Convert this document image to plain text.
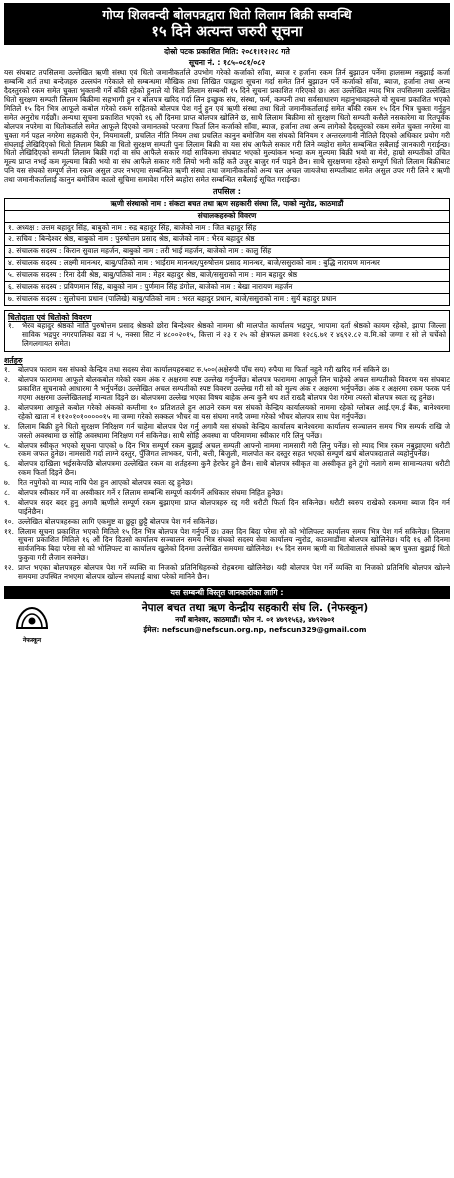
गोप्य शिलवन्दी बोलपत्रद्वारा धितो लिलाम बिक्री सम्वन्धि
१५ दिने अत्यन्त जरुरी सूचना
दोस्रो पटक प्रकाशित मिति: २०८१।१२।२८ गते
सूचना नं. : १८५–०८१/०८२
यस संघबाट तपसिलमा उल्लेखित ऋणी संस्था एवं धितो जमानीकर्ताले उपभोग गरेको कर्जाको साँवा, ब्याज र हर्जाना रकम तिर्न बुझाउन पर्नेमा हालसम्म नबुझाई कर्जा सम्बन्धि शर्त तथा बन्देजहरु उल्लघंन गरेकाले सो सम्बन्धमा मौखिक तथा लिखित पत्रद्वारा सूचना गर्दा समेत तिर्न बुझाउन पर्ने कर्जाको साँवा, ब्याज, हर्जाना तथा अन्य दैदस्तुरको रकम समेत चुक्ता भुक्तानी गर्ने बाँकी रहेको हुनाले यो धितो लिलाम सम्बन्धी १५ दिने सूचना प्रकाशित गरिएको छ। अतः उल्लेखित म्याद भित्र तपसिलमा उल्लेखित धितो सुरक्षण सम्पती लिलाम बिक्रीमा सहभागी हुन र बोलपत्र खरिद गर्दा लिन इच्छुक संघ, संस्था, फर्म, कम्पनी तथा सर्वसाधारण महानुभावहरुले यो सूचना प्रकाशित भएको मितिले १५ दिन भित्र आफूले कबोल गरेको रकम सहितको बोलपत्र पेश गर्नु हुन एवं ऋणी संस्था तथा धितो जमानीकर्तालाई समेत बाँकी रकम १५ दिन भित्र चुक्ता गर्नुहुन समेत अनुरोध गर्दछौं। अन्यथा सूचना प्रकाशित भएको १६ औं दिनमा प्राप्त बोलपत्र खोलिने छ, साथै लिलाम बिक्रीमा सो सुरक्षण धितो सम्पती कसैले नसकारेमा वा रितपूर्वक बोलपत्र नपरेमा वा धितोकर्ताले समेत आफूले दिएको जमानतको परजगा फिर्ता लिन कर्जाको साँवा, ब्याज, हर्जाना तथा अन्य लागेको दैदस्तुरको रकम समेत चुक्ता नगरेमा वा चुक्ता गर्न पहल नगरेमा सहकारी ऐन, नियमावली, प्रचलित नीति नियम तथा प्रचलित कानुन बमोजिम यस संघको विनियम र अन्तरलगानी नीतिले दिएको अधिकार प्रयोग गरी संघलाई लेखिदिएको धितो लिलाम बिक्री वा धितो सुरक्षण सम्पती पुनः लिलाम बिक्री वा यस संघ आफैले सकार गरी लिने व्यहोरा समेत सम्बन्धित सबैलाई जानकारी गराईन्छ। धितो लेखिदिएको सम्पती लिलाम बिक्री गर्दा वा संघ आफैले सकार गर्दा साविकमा संघबाट भएको मुल्यांकन भन्दा कम मुल्यमा बिक्री भयो वा मेरो, हाम्रो सम्पतीको उचित मूल्य प्राप्त नभई कम मूल्यमा बिक्री भयो वा संघ आफैले सकार गरी लियो भनी कहिं कतै उजुर बाजुर गर्न पाइने छैन। साथै सुरक्षणमा रहेको सम्पूर्ण धितो लिलाम बिक्रीबाट पनि यस संघको सम्पूर्ण लेना रकम असुल उपर नभएमा सम्बन्धित ऋणी संस्था तथा जमानीकर्ताको अन्य चल अचल जायजेथा सम्पतीबाट समेत असुल उपर गरी लिने र ऋणी तथा जमानीकर्तालाई कानुन बमोजिम कालो सूचिमा समावेश गरिने ब्यहोरा समेत सम्बन्धित सबैलाई सूचित गराईन्छ।
तपसिल :
ऋणी संस्थाको नाम : संकटा बचत तथा ऋण सहकारी संस्था लि, पाको न्युरोड, काठमाडौं
संचालकहरुको विवरण
१. अध्यक्ष : उत्तम बहादुर सिंह, बाबुको नाम : रुद्र बहादुर सिंह, बाजेको नाम : जित बहादुर सिंह
२. सचिव : बिन्देश्वर श्रेष्ठ, बाबुको नाम : पुरुषोत्तम प्रसाद श्रेष्ठ, बाजेको नाम : भैरव बहादुर श्रेष्ठ
३. संचालक सदस्य : किरान सुवाल महर्जन, बाबुको नाम : तरी भाई महर्जन, बाजेको नाम : कालु सिंह
४. संचालक सदस्य : लक्ष्मी मानन्धर, बाबु/पतिको नाम : भाईराम मानन्धर/पुरुषोत्तम प्रसाद मानन्धर, बाजे/ससुराको नाम : बुद्धि नारायण मानन्धर
५. संचालक सदस्य : रिना देवी श्रेष्ठ, बाबु/पतिको नाम : मेहर बहादुर श्रेष्ठ, बाजे/ससुराको नाम : मान बहादुर श्रेष्ठ
६. संचालक सदस्य : प्रविणमान सिंह, बाबुको नाम : पुर्णमान सिंह डंगोल, बाजेको नाम : बेखा नारायण महर्जन
७. संचालक सदस्य : सुलोचना प्रधान (पालिखे) बाबु/पतिको नाम : भरत बहादुर प्रधान, बाजे/ससुराको नाम : सुर्य बहादुर प्रधान
धितोदाता एवं धितोको विवरण
१.	भैरव बहादुर श्रेष्ठको नाति पुरुषोत्तम प्रसाद श्रेष्ठको छोरा बिन्देश्वर श्रेष्ठको नाममा श्री मालपोत कार्यालय भद्रपुर, भापामा दर्ता श्रेष्ठको कायम रहेको, झापा जिल्ला साविक भद्रपुर नगरपालिका वडा नं ५, नक्सा सिट नं ४८००२०१५, कित्ता नं २३ र २५ को क्षेत्रफल क्रमशः १२८६.७१ र ४६९२.८२ व.मि.को जग्गा र सो ले चर्चेको लिगलगायत समेत।
शर्तहरु
१.	बोलपत्र फाराम यस संघको केन्द्रिय तथा सदस्य सेवा कार्यालयहरुबाट रु.५००(अक्षेरुपी पाँच सय) रुपैया मा फिर्ता नहुने गरी खरिद गर्न सकिने छ।
२.	बोलपत्र फाराममा आफूले बोलकबोल गरेको रकम अंक र अक्षरमा स्पष्ट उल्लेख गर्नुपर्नेछ। बोलपत्र फाराममा आफूले लिन चाहेको अचल सम्पतीको विवरण यस संघबाट प्रकाशित सूचनाको आधारमा नै भर्नुपर्नेछ। उल्लेखित अचल सम्पतीको स्पष्ट विवरण उल्लेख गरी सो को मुल्य अंक र अक्षरमा भर्नुपर्नेछ। अंक र अक्षरमा रकम फरक पर्न गएमा अक्षरमा उल्लेखितलाई मान्यता दिइने छ। बोलपत्रमा उल्लेख भएका विषय बाहेक अन्य कुनै थप शर्त राख्दै बोलपत्र पेश गरेमा त्यस्तो बोलपत्र स्वतः रद्द हुनेछ।
३.	बोलपत्रमा आफूले कबोल गरेको अंकको कम्तीमा १० प्रतिशतले हुन आउने रकम यस संघको केन्द्रिय कार्यालयको नाममा रहेको ग्लोबल आई.एम.ई बैंक, बानेश्वरमा रहेको खाता नं ११२०१०१०००००१५ मा जम्मा गरेको सक्कल भौचर वा यस संघमा नगदै जम्मा गरेको भौचर बोलपत्र साथ पेश गर्नुपर्नेछ।
४.	लिलाम बिक्री हुने धितो सुरक्षण निरिक्षण गर्न चाहेमा बोलपत्र पेश गर्नु अगावै यस संघको केन्द्रिय कार्यालय बानेश्वरमा कार्यालय सञ्चालन समय भित्र सम्पर्क राखि जे जस्तो अवस्थामा छ सोहि अवस्थामा निरिक्षण गर्न सकिनेछ। साथै सोहि अवस्था वा परिमाणमा स्वीकार गरि लिनु पर्नेछ।
५.	बोलपत्र स्वीकृत भएको सूचना पाएको ७ दिन भित्र सम्पूर्ण रकम बुझाई अचल सम्पती आफ्नो नाममा नामसारी गरी लिनु पर्नेछ। सो म्याद भित्र रकम नबुझाएमा धरौटी रकम जफत हुनेछ। नामसारी गर्दा लाग्ने दस्तुर, पुँजिगत लाभकर, पानी, बत्ती, बिजुली, मालपोत कर दस्तुर सहत भएको सम्पूर्ण खर्च बोलपत्रदाताले व्यहोर्नुपर्नेछ।
६.	बोलपत्र दाखिला भईसकेपछि बोलपत्रमा उल्लेखित रकम वा शर्तहरुमा कुनै हेरफेर हुने छैन। साथै बोलपत्र स्वीकृत वा अस्वीकृत हुने टुंगो नलागे सम्म सामान्यतया धरौटी रकम फिर्ता दिइने छैन।
७.	रित नपुगेको वा म्याद नाघि पेश हुन आएको बोलपत्र स्वतः रद्द हुनेछ।
८.	बोलपत्र स्वीकार गर्ने वा अस्वीकार गर्ने र लिलाम सम्बन्धि सम्पूर्ण कार्यगर्ने अधिकार संघमा निहित हुनेछ।
९.	बोलपत्र सदर बदर हुनु अगावै ऋणीले सम्पूर्ण रकम बुझाएमा प्राप्त बोलपत्रहरु रद्द गरी धरौटी फिर्ता दिन सकिनेछ। धरौटी स्वरुप राखेको रकममा ब्याज दिन गर्न पाईनेछैन।
१०. उल्लेखित बोलपत्रहरुका लागि एकमुष्ट वा छुट्टा छुट्टै बोलपत्र पेश गर्न सकिनेछ।
११. लिलाम सूचना प्रकाशित भएको मितिले १५ दिन भित्र बोलपत्र पेश गर्नुपर्ने छ। उक्त दिन बिदा परेमा सो को भोलिपल्ट कार्यालय समय भित्र पेश गर्न सकिनेछ। लिलाम सूचना प्रकाशित मितिले १६ औं दिन दिउसो कार्यालय सञ्चालन समय भित्र संघको सदस्य सेवा कार्यालय न्युरोड, काठमाडौंमा बोलपत्र खोलिनेछ। यदि १६ औं दिनमा सार्वजनिक बिदा परेमा सो को भोलिपल्ट वा कार्यालय खुलेको दिनमा उल्लेखित समयमा खोलिनेछ। १५ दिन समम ऋणी वा धितोवालाले संघको ऋण चुक्ता बुझाई धितो फुकुवा गरी लैजान सक्नेछ।
१२. प्राप्त भएका बोलपत्रहरु बोलपत्र पेश गर्ने व्यक्ति वा निजको प्रतिनिधिहरुको रोहबरमा खोलिनेछ। यदी बोलपत्र पेश गर्ने व्यक्ति वा निजको प्रतिनिधि बोलपत्र खोल्ने समयमा उपस्थित नभएमा बोलपत्र खोल्न संघलाई बाधा परेको मानिने छैन।
यस सम्बन्धी विस्तृत जानकारीका लागि :
नेफस्कून
नेपाल बचत तथा ऋण केन्द्रीय सहकारी संघ लि. (नेफस्कून)
नयाँ बानेश्वर, काठमाडौं। फोन नं. ०१ ४७९१५६३, ४७९२७०१
ईमेल: nefscun@nefscun.org.np, nefscun329@gmail.com
